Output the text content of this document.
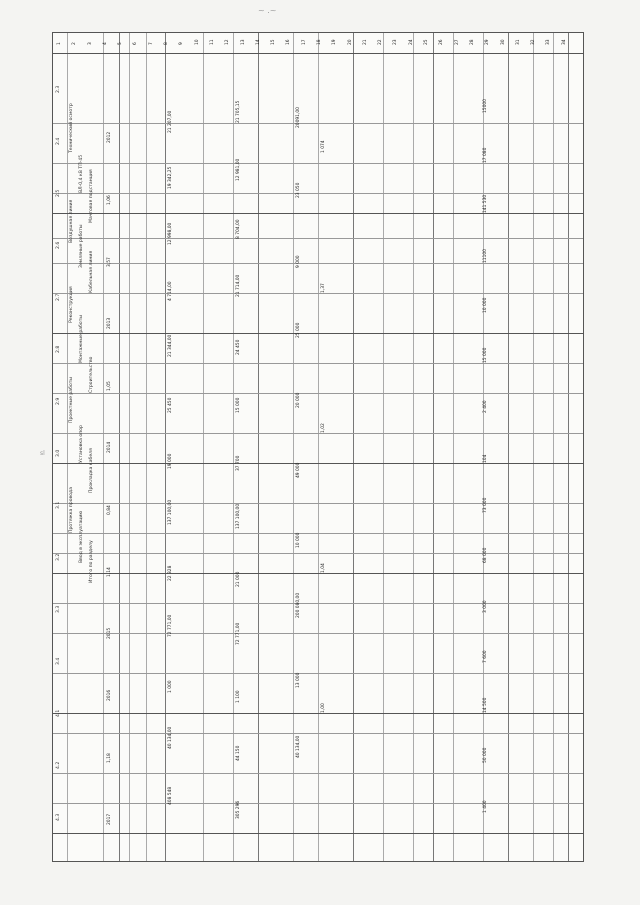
~ .~
sl
1 2 3 4 5 6 7 8 9 10 11 12 13 14 15 16 17 18 19 20 21 22 23 24 25 26 27 28 29 30 31 32 33 34
Технический осмотр
ВЛ-0,4 кВ ТП-45 Мачтовая подстанция
Воздушная линия
Земляные работы
Кабельная линия
Реконструкция
Монтажные работы
Строительство
Проектные работы
Установка опор
Прокладка кабеля
Протяжка провода
Ввод в эксплуатацию Итого по разделу
2.3
2.4
2.5
2.6
2.7
2.8
2.9
3.0
3.1
3.2
3.3
3.4
4.1
4.2
4.3
2012
1,06
3,57
2013
1,05
2014
0,84
1,14
2015
2016
1,18
2017
21 207,00
19 342,25
12 998,00
4 714,00
21 344,00
25 450
19 000
137 100,00
22 328
72 771,00
1 000
40 134,00
408 548
21 705,15
12 981,00
8 704,00
21 714,00
24 450
15 000
37 700
137 100,00
21 000
72 771,00
1 100
44 150
305 296
20091,00
23 050
9 000
25 000
20 000
49 000
10 000
200 080,00
13 000
40 134,00
1 074
1,37
1,02
1,04
1,00
15000
17 080
141 530
11100
10 000
15 000
2 400
104
73 000
68 000
3 000
7 600
14 500
50 000
1 400
